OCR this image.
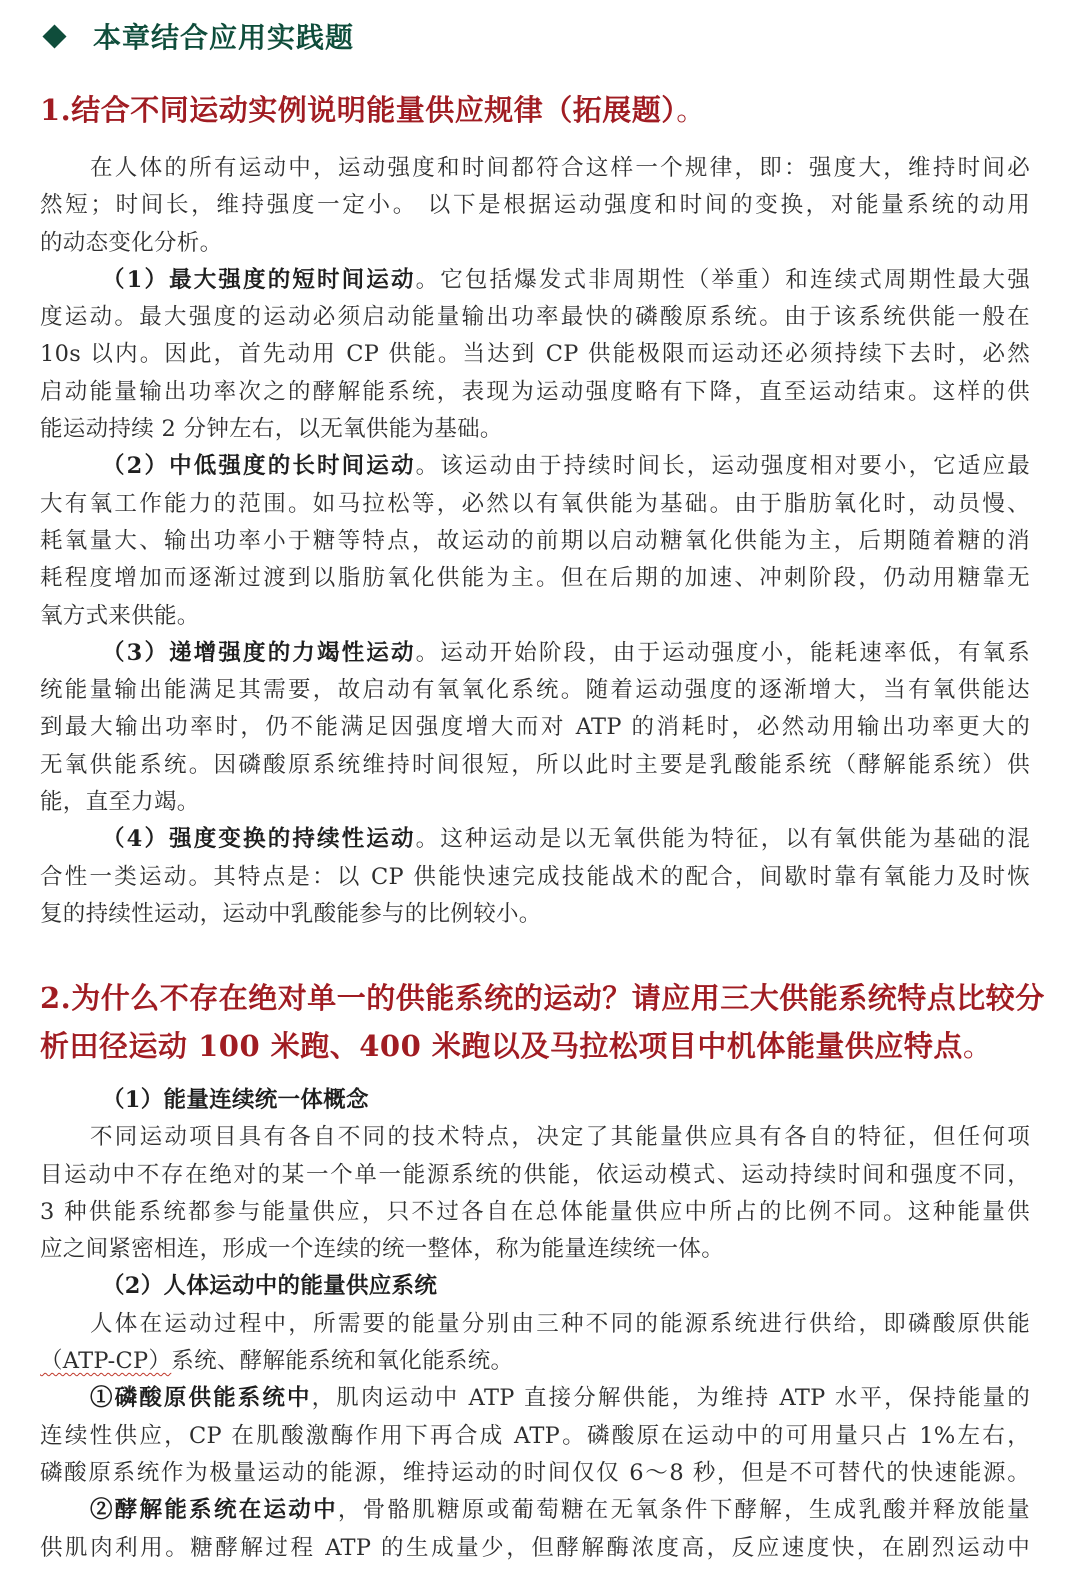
本章结合应用实践题
1.结合不同运动实例说明能量供应规律（拓展题）。
在人体的所有运动中，运动强度和时间都符合这样一个规律，即：强度大，维持时间必
然短；时间长，维持强度一定小。 以下是根据运动强度和时间的变换，对能量系统的动用
的动态变化分析。
（1）最大强度的短时间运动。它包括爆发式非周期性（举重）和连续式周期性最大强
度运动。最大强度的运动必须启动能量输出功率最快的磷酸原系统。由于该系统供能一般在
10s 以内。因此，首先动用 CP 供能。当达到 CP 供能极限而运动还必须持续下去时，必然
启动能量输出功率次之的酵解能系统，表现为运动强度略有下降，直至运动结束。这样的供
能运动持续 2 分钟左右，以无氧供能为基础。
（2）中低强度的长时间运动。该运动由于持续时间长，运动强度相对要小，它适应最
大有氧工作能力的范围。如马拉松等，必然以有氧供能为基础。由于脂肪氧化时，动员慢、
耗氧量大、输出功率小于糖等特点，故运动的前期以启动糖氧化供能为主，后期随着糖的消
耗程度增加而逐渐过渡到以脂肪氧化供能为主。但在后期的加速、冲刺阶段，仍动用糖靠无
氧方式来供能。
（3）递增强度的力竭性运动。运动开始阶段，由于运动强度小，能耗速率低，有氧系
统能量输出能满足其需要，故启动有氧氧化系统。随着运动强度的逐渐增大，当有氧供能达
到最大输出功率时，仍不能满足因强度增大而对 ATP 的消耗时，必然动用输出功率更大的
无氧供能系统。因磷酸原系统维持时间很短，所以此时主要是乳酸能系统（酵解能系统）供
能，直至力竭。
（4）强度变换的持续性运动。这种运动是以无氧供能为特征，以有氧供能为基础的混
合性一类运动。其特点是：以 CP 供能快速完成技能战术的配合，间歇时靠有氧能力及时恢
复的持续性运动，运动中乳酸能参与的比例较小。
2.为什么不存在绝对单一的供能系统的运动？请应用三大供能系统特点比较分
析田径运动 100 米跑、400 米跑以及马拉松项目中机体能量供应特点。
（1）能量连续统一体概念
不同运动项目具有各自不同的技术特点，决定了其能量供应具有各自的特征，但任何项
目运动中不存在绝对的某一个单一能源系统的供能，依运动模式、运动持续时间和强度不同，
3 种供能系统都参与能量供应，只不过各自在总体能量供应中所占的比例不同。这种能量供
应之间紧密相连，形成一个连续的统一整体，称为能量连续统一体。
（2）人体运动中的能量供应系统
人体在运动过程中，所需要的能量分别由三种不同的能源系统进行供给，即磷酸原供能
（ATP-CP）系统、酵解能系统和氧化能系统。
①磷酸原供能系统中，肌肉运动中 ATP 直接分解供能，为维持 ATP 水平，保持能量的
连续性供应，CP 在肌酸激酶作用下再合成 ATP。磷酸原在运动中的可用量只占 1%左右，
磷酸原系统作为极量运动的能源，维持运动的时间仅仅 6～8 秒，但是不可替代的快速能源。
②酵解能系统在运动中，骨骼肌糖原或葡萄糖在无氧条件下酵解，生成乳酸并释放能量
供肌肉利用。糖酵解过程 ATP 的生成量少，但酵解酶浓度高，反应速度快，在剧烈运动中
